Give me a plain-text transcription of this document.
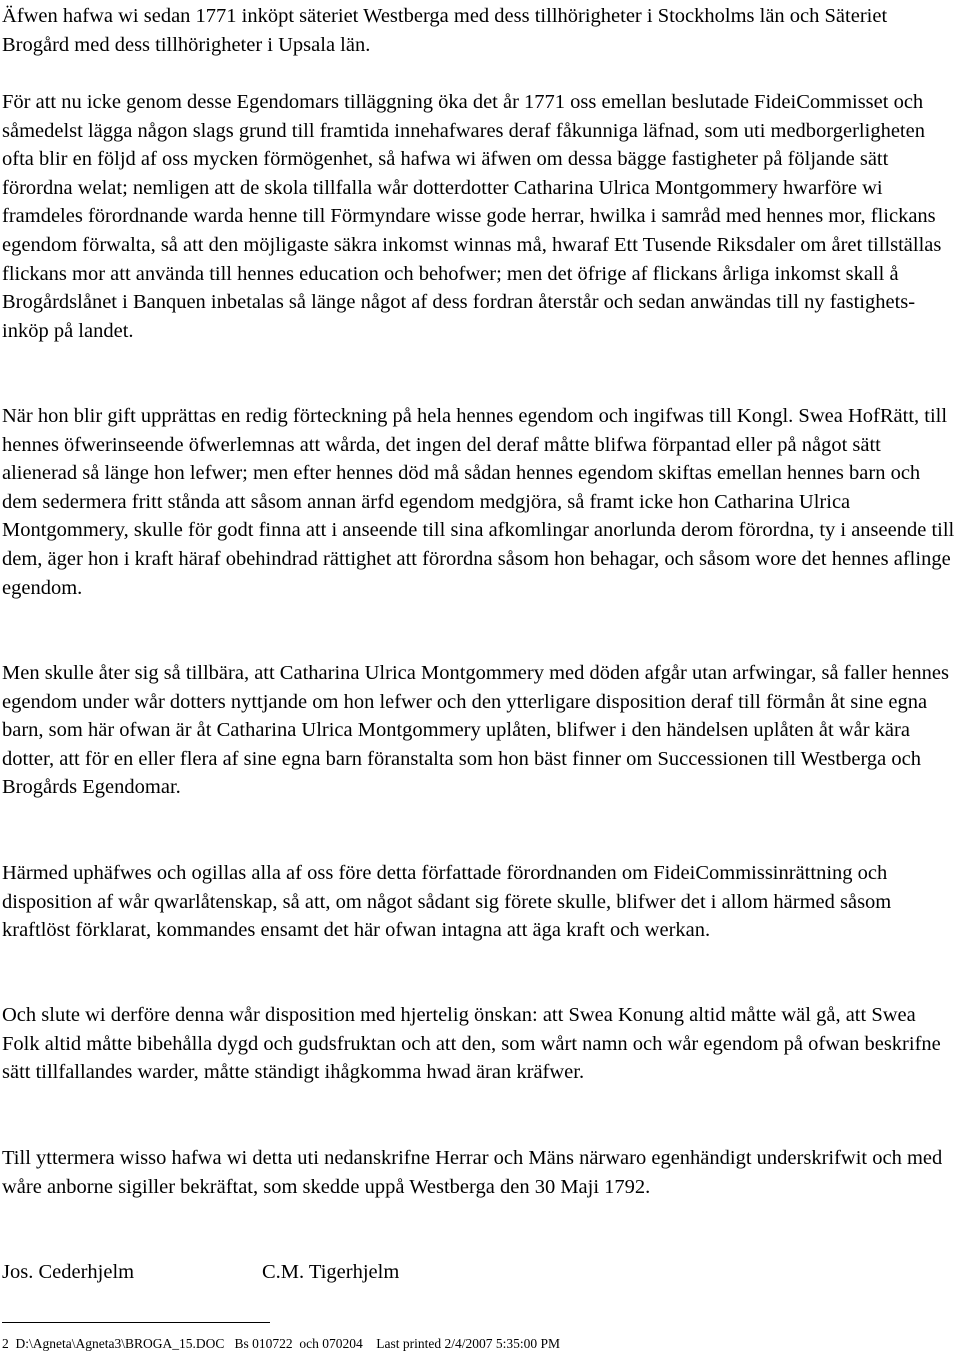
Äfwen hafwa wi sedan 1771 inköpt säteriet Westberga med dess tillhörigheter i Stockholms län och Säteriet Brogård med dess tillhörigheter i Upsala län.

För att nu icke genom desse Egendomars tilläggning öka det år 1771 oss emellan beslutade FideiCommisset och såmedelst lägga någon slags grund till framtida innehafwares deraf fåkunniga läfnad, som uti medborgerligheten ofta blir en följd af oss mycken förmögenhet, så hafwa wi äfwen om dessa bägge fastigheter på följande sätt förordna welat; nemligen att de skola tillfalla wår dotterdotter Catharina Ulrica Montgommery hwarföre wi framdeles förordnande warda henne till Förmyndare wisse gode herrar, hwilka i samråd med hennes mor, flickans egendom förwalta, så att den möjligaste säkra inkomst winnas må, hwaraf Ett Tusende Riksdaler om året tillställas flickans mor att använda till hennes education och behofwer; men det öfrige af flickans årliga inkomst skall å Brogårdslånet i Banquen inbetalas så länge något af dess fordran återstår och sedan anwändas till ny fastighets- inköp på landet.

När hon blir gift upprättas en redig förteckning på hela hennes egendom och ingifwas till Kongl. Swea HofRätt, till hennes öfwerinseende öfwerlemnas att wårda, det ingen del deraf måtte blifwa förpantad eller på något sätt alienerad så länge hon lefwer; men efter hennes död må sådan hennes egendom skiftas emellan hennes barn och dem sedermera fritt stånda att såsom annan ärfd egendom medgjöra, så framt icke hon Catharina Ulrica Montgommery, skulle för godt finna att i anseende till sina afkomlingar anorlunda derom förordna, ty i anseende till dem, äger hon i kraft häraf obehindrad rättighet att förordna såsom hon behagar, och såsom wore det hennes aflinge egendom.

Men skulle åter sig så tillbära, att Catharina Ulrica Montgommery med döden afgår utan arfwingar, så faller hennes egendom under wår dotters nyttjande om hon lefwer och den ytterligare disposition deraf till förmån åt sine egna barn, som här ofwan är åt Catharina Ulrica Montgommery uplåten, blifwer i den händelsen uplåten åt wår kära dotter, att för en eller flera af sine egna barn föranstalta som hon bäst finner om Successionen till Westberga och Brogårds Egendomar.

Härmed uphäfwes och ogillas alla af oss före detta författade förordnanden om FideiCommissinrättning och disposition af wår qwarlåtenskap, så att, om något sådant sig förete skulle, blifwer det i allom härmed såsom kraftlöst förklarat, kommandes ensamt det här ofwan intagna att äga kraft och werkan.

Och slute wi derföre denna wår disposition med hjertelig önskan: att Swea Konung altid måtte wäl gå, att Swea Folk altid måtte bibehålla dygd och gudsfruktan och att den, som wårt namn och wår egendom på ofwan beskrifne sätt tillfallandes warder, måtte ständigt ihågkomma hwad äran kräfwer.

Till yttermera wisso hafwa wi detta uti nedanskrifne Herrar och Mäns närwaro egenhändigt underskrifwit och med wåre anborne sigiller bekräftat, som skedde uppå Westberga den 30 Maji 1792.

Jos. Cederhjelm	C.M. Tigerhjelm
2  D:\Agneta\Agneta3\BROGA_15.DOC   Bs 010722  och 070204    Last printed 2/4/2007 5:35:00 PM
